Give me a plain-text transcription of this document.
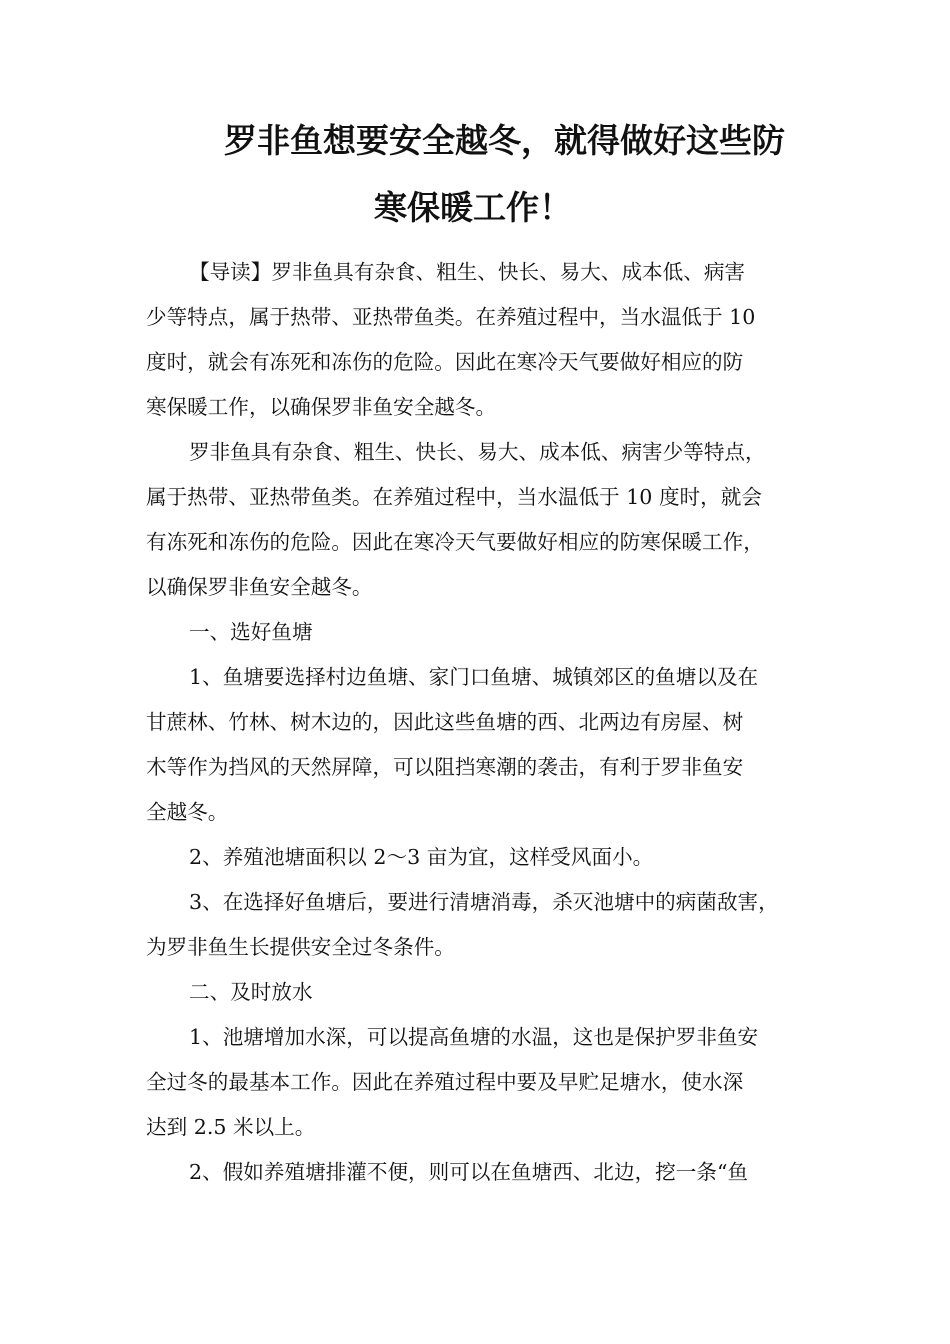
罗非鱼想要安全越冬，就得做好这些防
寒保暖工作！
【导读】罗非鱼具有杂食、粗生、快长、易大、成本低、病害
少等特点，属于热带、亚热带鱼类。在养殖过程中，当水温低于 10
度时，就会有冻死和冻伤的危险。因此在寒冷天气要做好相应的防
寒保暖工作，以确保罗非鱼安全越冬。
罗非鱼具有杂食、粗生、快长、易大、成本低、病害少等特点，
属于热带、亚热带鱼类。在养殖过程中，当水温低于 10 度时，就会
有冻死和冻伤的危险。因此在寒冷天气要做好相应的防寒保暖工作，
以确保罗非鱼安全越冬。
一、选好鱼塘
1、鱼塘要选择村边鱼塘、家门口鱼塘、城镇郊区的鱼塘以及在
甘蔗林、竹林、树木边的，因此这些鱼塘的西、北两边有房屋、树
木等作为挡风的天然屏障，可以阻挡寒潮的袭击，有利于罗非鱼安
全越冬。
2、养殖池塘面积以 2～3 亩为宜，这样受风面小。
3、在选择好鱼塘后，要进行清塘消毒，杀灭池塘中的病菌敌害，
为罗非鱼生长提供安全过冬条件。
二、及时放水
1、池塘增加水深，可以提高鱼塘的水温，这也是保护罗非鱼安
全过冬的最基本工作。因此在养殖过程中要及早贮足塘水，使水深
达到 2.5 米以上。
2、假如养殖塘排灌不便，则可以在鱼塘西、北边，挖一条“鱼
